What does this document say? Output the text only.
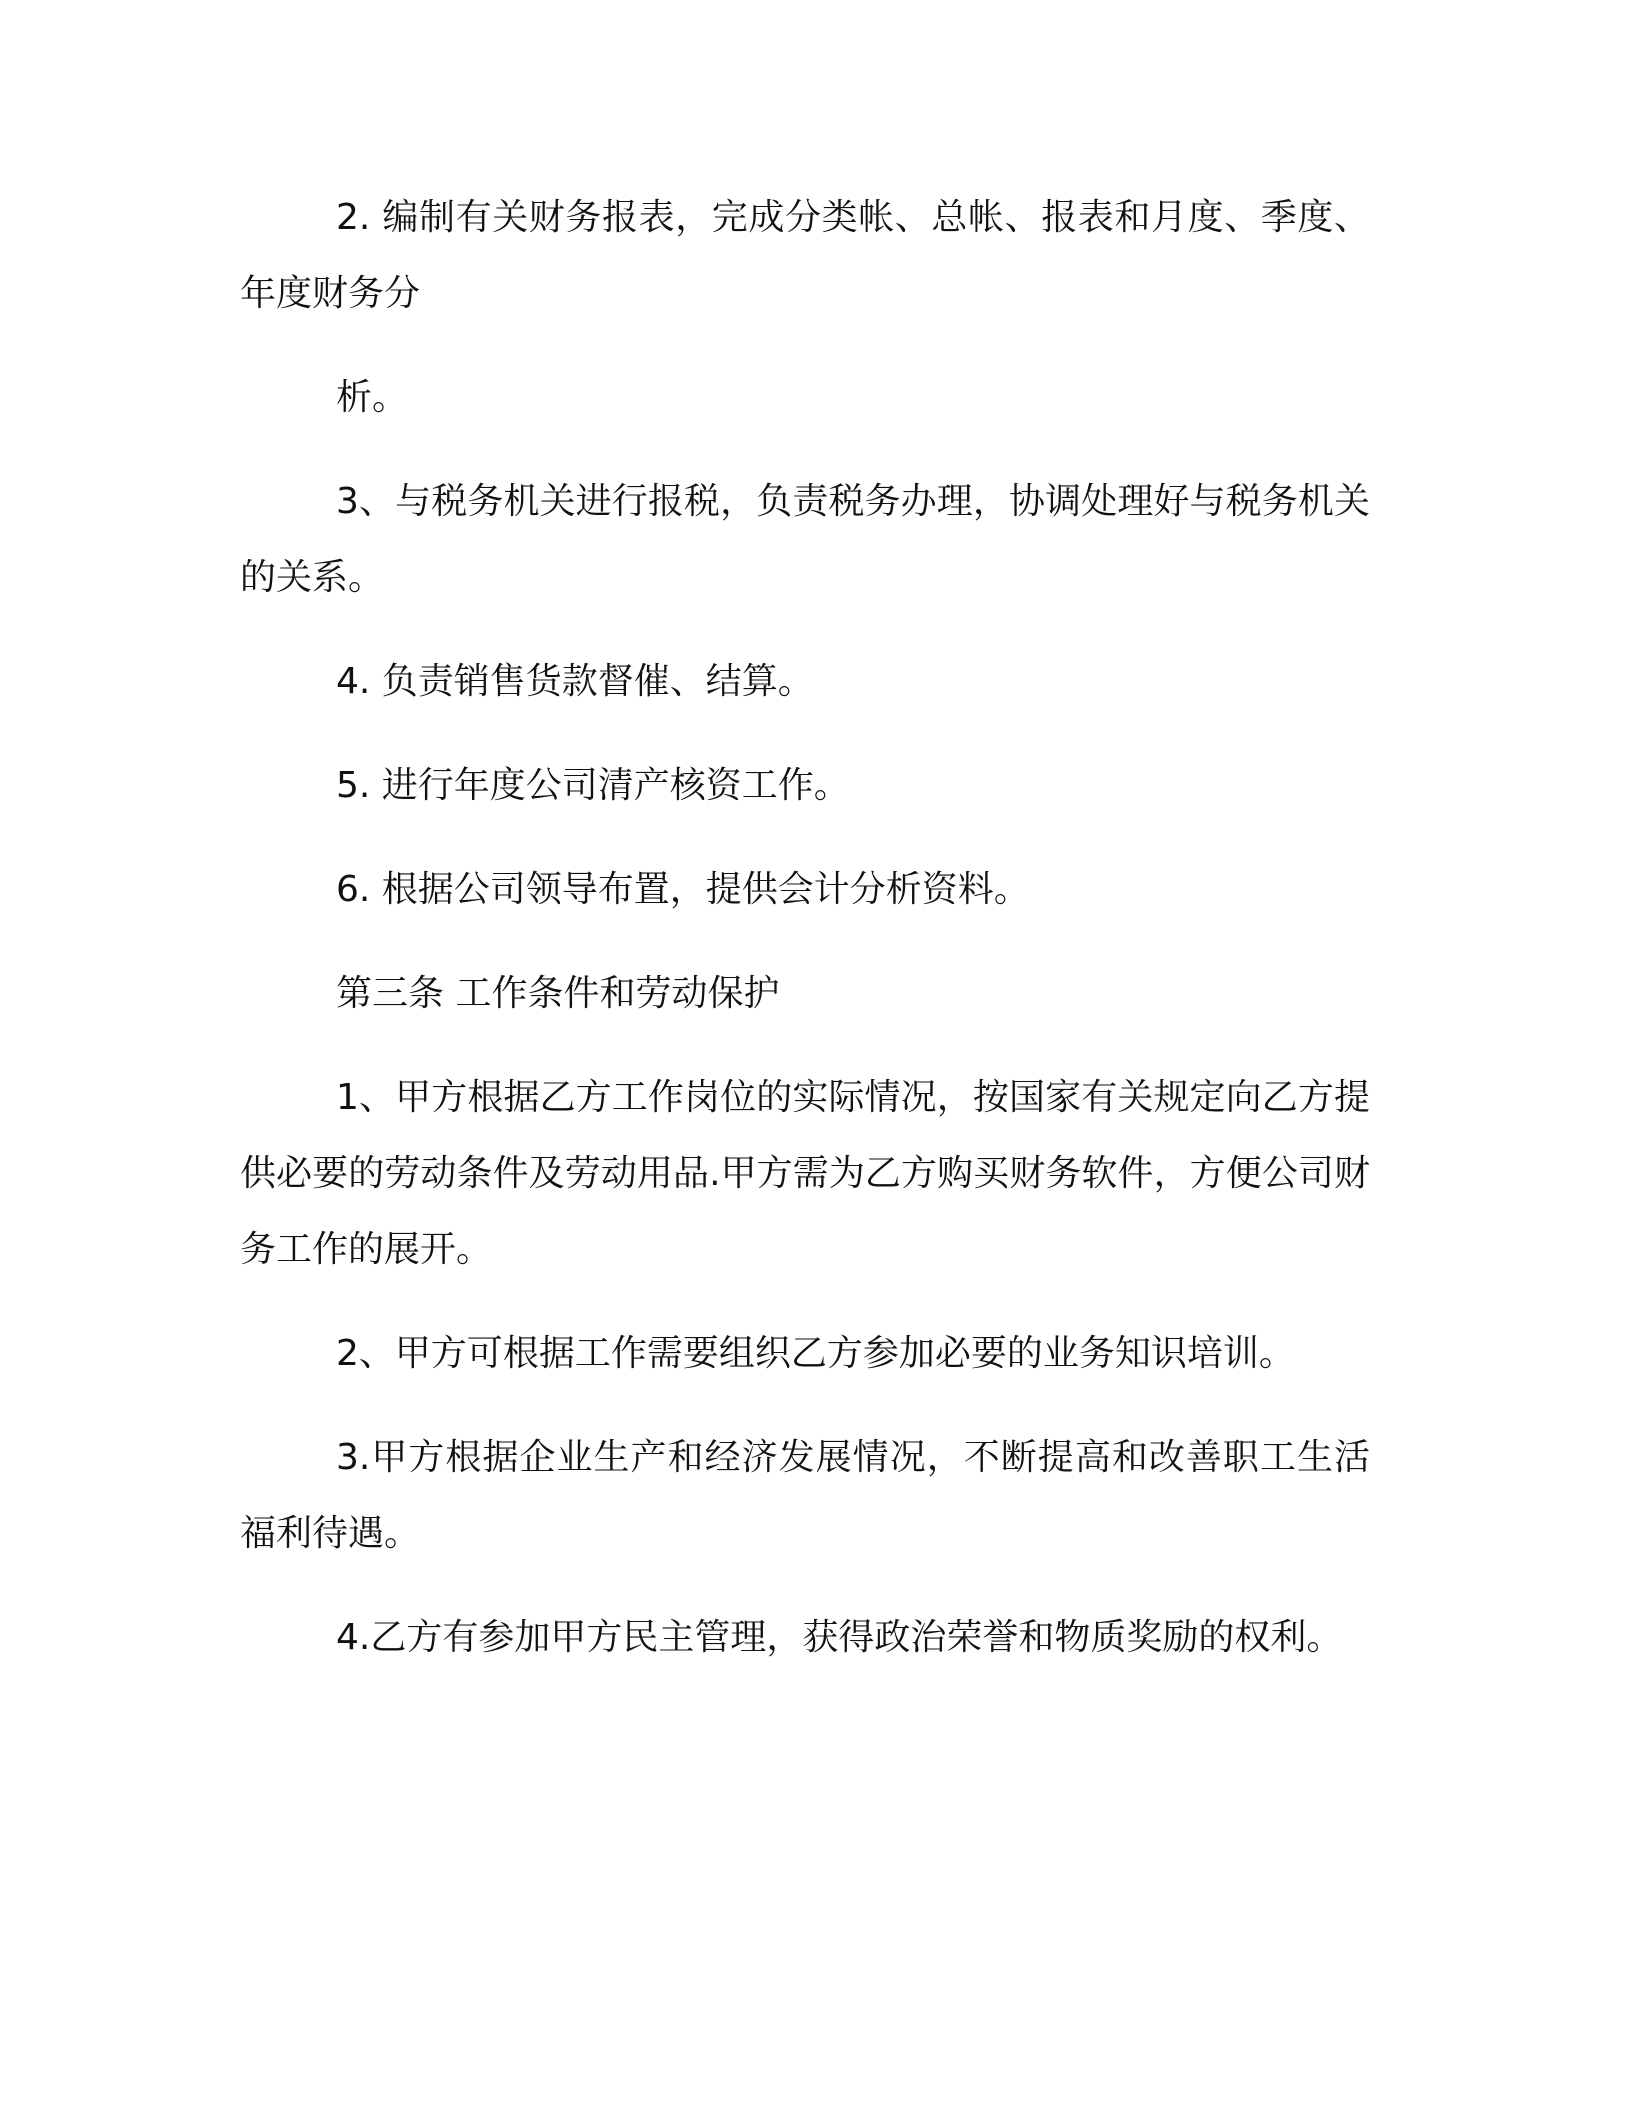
2. 编制有关财务报表，完成分类帐、总帐、报表和月度、季度、年度财务分

析。

3、与税务机关进行报税，负责税务办理，协调处理好与税务机关的关系。

4. 负责销售货款督催、结算。

5. 进行年度公司清产核资工作。

6. 根据公司领导布置，提供会计分析资料。

第三条 工作条件和劳动保护

1、甲方根据乙方工作岗位的实际情况，按国家有关规定向乙方提供必要的劳动条件及劳动用品.甲方需为乙方购买财务软件，方便公司财务工作的展开。

2、甲方可根据工作需要组织乙方参加必要的业务知识培训。

3.甲方根据企业生产和经济发展情况，不断提高和改善职工生活福利待遇。

4.乙方有参加甲方民主管理，获得政治荣誉和物质奖励的权利。
